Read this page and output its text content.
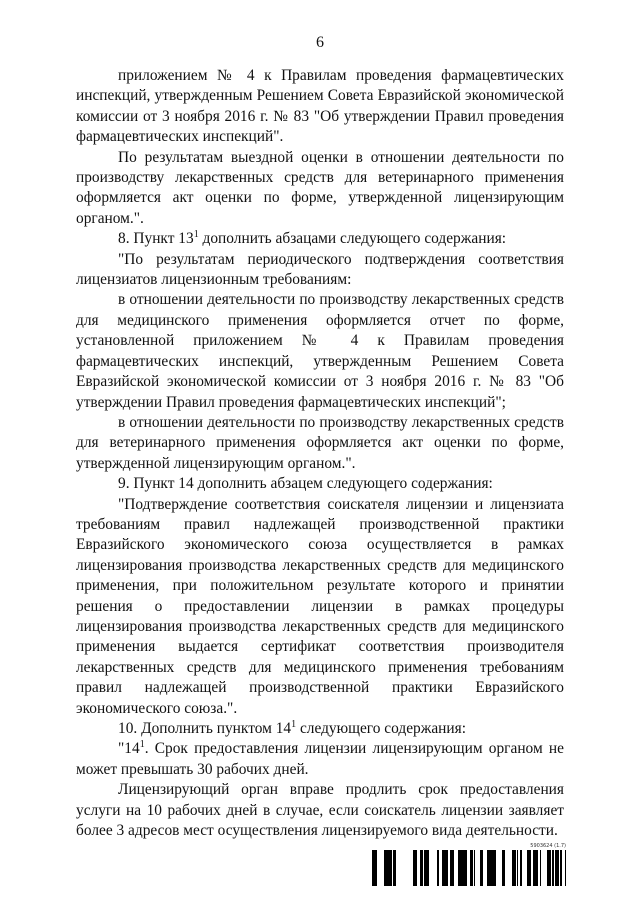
6

приложением № 4 к Правилам проведения фармацевтических инспекций, утвержденным Решением Совета Евразийской экономической комиссии от 3 ноября 2016 г. № 83 "Об утверждении Правил проведения фармацевтических инспекций".

По результатам выездной оценки в отношении деятельности по производству лекарственных средств для ветеринарного применения оформляется акт оценки по форме, утвержденной лицензирующим органом.".

8. Пункт $13^1$ дополнить абзацами следующего содержания:

"По результатам периодического подтверждения соответствия лицензиатов лицензионным требованиям:

в отношении деятельности по производству лекарственных средств для медицинского применения оформляется отчет по форме, установленной приложением № 4 к Правилам проведения фармацевтических инспекций, утвержденным Решением Совета Евразийской экономической комиссии от 3 ноября 2016 г. № 83 "Об утверждении Правил проведения фармацевтических инспекций";

в отношении деятельности по производству лекарственных средств для ветеринарного применения оформляется акт оценки по форме, утвержденной лицензирующим органом.".

9. Пункт 14 дополнить абзацем следующего содержания:

"Подтверждение соответствия соискателя лицензии и лицензиата требованиям правил надлежащей производственной практики Евразийского экономического союза осуществляется в рамках лицензирования производства лекарственных средств для медицинского применения, при положительном результате которого и принятии решения о предоставлении лицензии в рамках процедуры лицензирования производства лекарственных средств для медицинского применения выдается сертификат соответствия производителя лекарственных средств для медицинского применения требованиям правил надлежащей производственной практики Евразийского экономического союза.".

10. Дополнить пунктом $14^1$ следующего содержания:

"$14^1$. Срок предоставления лицензии лицензирующим органом не может превышать 30 рабочих дней.

Лицензирующий орган вправе продлить срок предоставления услуги на 10 рабочих дней в случае, если соискатель лицензии заявляет более 3 адресов мест осуществления лицензируемого вида деятельности.

5903624 (1.7)
